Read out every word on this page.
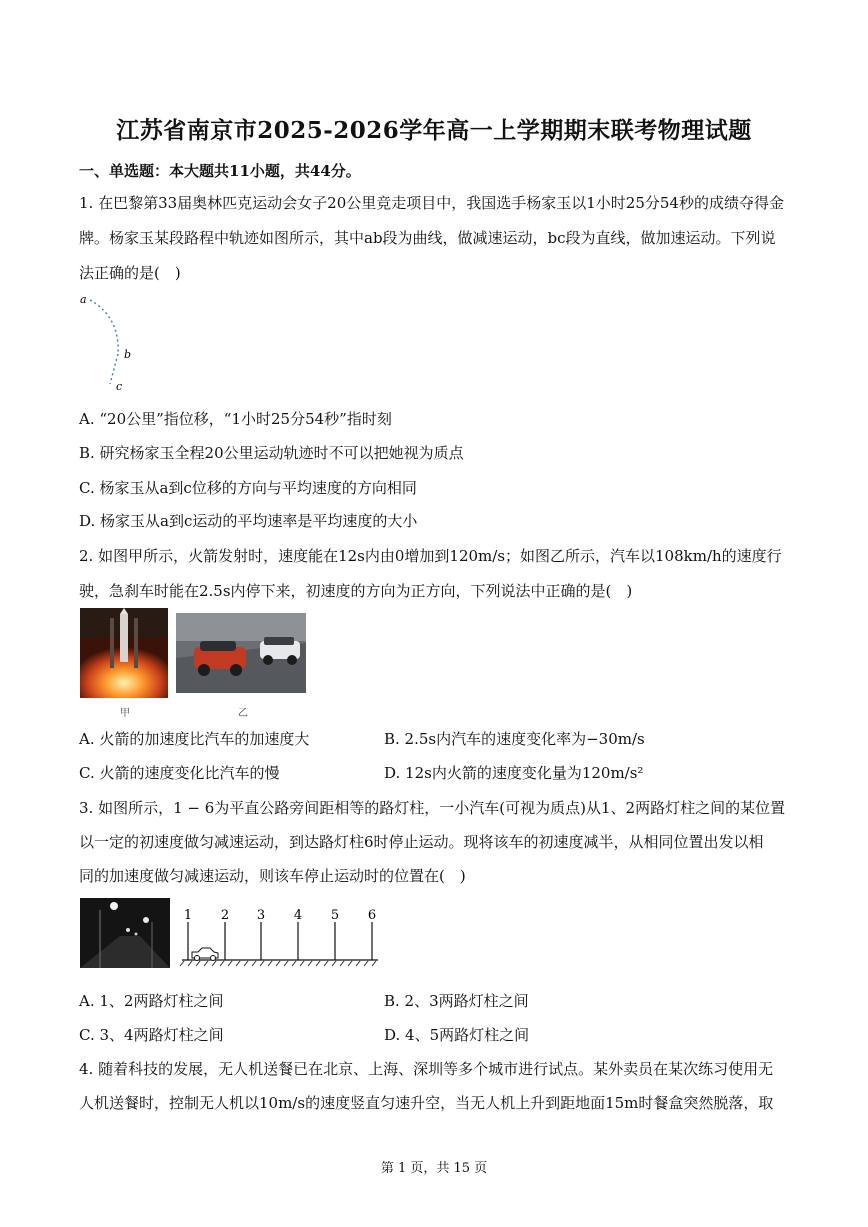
江苏省南京市2025-2026学年高一上学期期末联考物理试题
一、单选题：本大题共11小题，共44分。
1. 在巴黎第33届奥林匹克运动会女子20公里竞走项目中，我国选手杨家玉以1小时25分54秒的成绩夺得金
牌。杨家玉某段路程中轨迹如图所示，其中ab段为曲线，做减速运动，bc段为直线，做加速运动。下列说
法正确的是(　)
a
b
c
A. “20公里”指位移，“1小时25分54秒”指时刻
B. 研究杨家玉全程20公里运动轨迹时不可以把她视为质点
C. 杨家玉从a到c位移的方向与平均速度的方向相同
D. 杨家玉从a到c运动的平均速率是平均速度的大小
2. 如图甲所示，火箭发射时，速度能在12s内由0增加到120m/s；如图乙所示，汽车以108km/h的速度行
驶，急刹车时能在2.5s内停下来，初速度的方向为正方向，下列说法中正确的是(　)
甲	乙
A. 火箭的加速度比汽车的加速度大	B. 2.5s内汽车的速度变化率为−30m/s
C. 火箭的速度变化比汽车的慢	D. 12s内火箭的速度变化量为120m/s²
3. 如图所示，1 − 6为平直公路旁间距相等的路灯柱，一小汽车(可视为质点)从1、2两路灯柱之间的某位置
以一定的初速度做匀减速运动，到达路灯柱6时停止运动。现将该车的初速度减半，从相同位置出发以相
同的加速度做匀减速运动，则该车停止运动时的位置在(　)
1 2 3 4 5 6
A. 1、2两路灯柱之间	B. 2、3两路灯柱之间
C. 3、4两路灯柱之间	D. 4、5两路灯柱之间
4. 随着科技的发展，无人机送餐已在北京、上海、深圳等多个城市进行试点。某外卖员在某次练习使用无
人机送餐时，控制无人机以10m/s的速度竖直匀速升空，当无人机上升到距地面15m时餐盒突然脱落，取
第 1 页，共 15 页
